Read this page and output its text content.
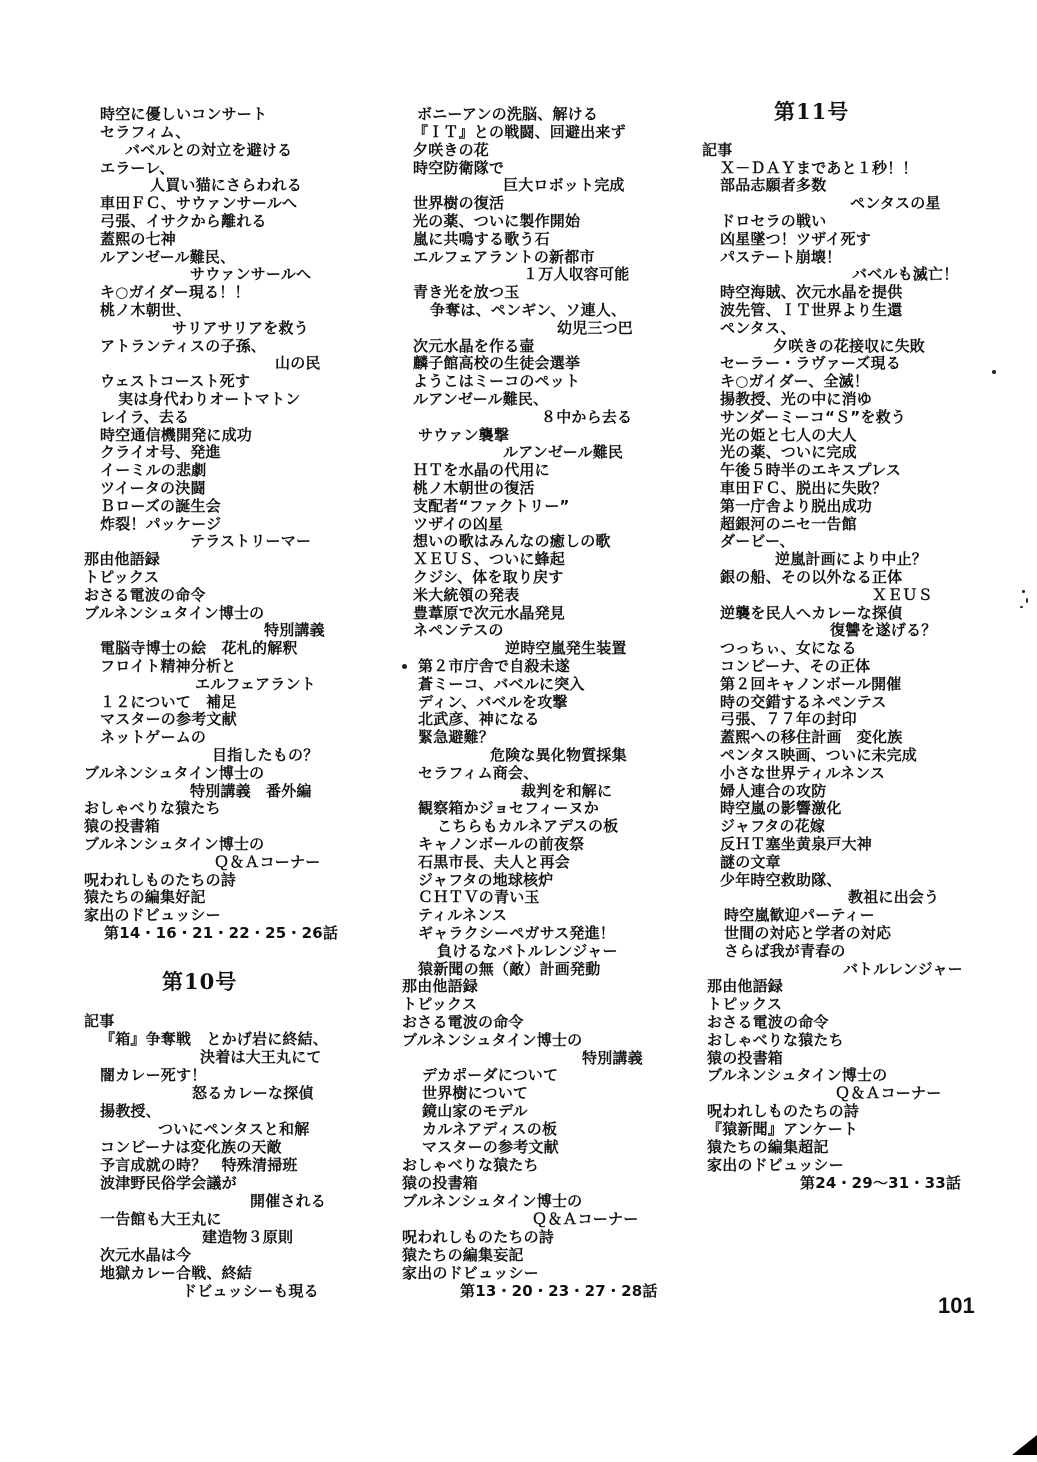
時空に優しいコンサート
セラフィム、
バベルとの対立を避ける
エラーレ、
人買い猫にさらわれる
車田ＦＣ、サウァンサールへ
弓張、イサクから離れる
蓋熙の七神
ルアンゼール難民、
サウァンサールへ
キ○ガイダー現る！！
桃ノ木朝世、
サリアサリアを救う
アトランティスの子孫、
山の民
ウェストコースト死す
実は身代わりオートマトン
レイラ、去る
時空通信機開発に成功
クライオ号、発進
イーミルの悲劇
ツイータの決闘
Ｂローズの誕生会
炸裂！パッケージ
テラストリーマー
那由他語録
トピックス
おさる電波の命令
ブルネンシュタイン博士の
特別講義
電脳寺博士の絵　花札的解釈
フロイト精神分析と
エルフェアラント
１２について　補足
マスターの参考文献
ネットゲームの
目指したもの？
ブルネンシュタイン博士の
特別講義　番外編
おしゃべりな猿たち
猿の投書箱
ブルネンシュタイン博士の
Ｑ＆Ａコーナー
呪われしものたちの詩
猿たちの編集好記
家出のドビュッシー
第14・16・21・22・25・26話
第10号
記事
『箱』争奪戦　とかげ岩に終結、
決着は大王丸にて
闇カレー死す！
怒るカレーな探偵
揚教授、
ついにペンタスと和解
コンビーナは変化族の天敵
予言成就の時？　特殊清掃班
波津野民俗学会議が
開催される
一告館も大王丸に
建造物３原則
次元水晶は今
地獄カレー合戦、終結
ドビュッシーも現る
ボニーアンの洗脳、解ける
『ＩＴ』との戦闘、回避出来ず
夕咲きの花
時空防衛隊で
巨大ロボット完成
世界樹の復活
光の薬、ついに製作開始
嵐に共鳴する歌う石
エルフェアラントの新都市
１万人収容可能
青き光を放つ玉
争奪は、ペンギン、ソ連人、
幼児三つ巴
次元水晶を作る壷
麟子館高校の生徒会選挙
ようこはミーコのペット
ルアンゼール難民、
８中から去る
サウァン襲撃
ルアンゼール難民
ＨＴを水晶の代用に
桃ノ木朝世の復活
支配者“ファクトリー”
ツザイの凶星
想いの歌はみんなの癒しの歌
ＸＥＵＳ、ついに蜂起
クジシ、体を取り戻す
米大統領の発表
豊葦原で次元水晶発見
ネペンテスの
逆時空嵐発生装置
第２市庁舎で自殺未遂
蒼ミーコ、バベルに突入
ディン、バベルを攻撃
北武彦、神になる
緊急避難？
危険な異化物質採集
セラフィム商会、
裁判を和解に
観察箱かジョセフィーヌか
こちらもカルネアデスの板
キャノンボールの前夜祭
石黒市長、夫人と再会
ジャフタの地球核炉
ＣＨＴＶの青い玉
ティルネンス
ギャラクシーペガサス発進！
負けるなバトルレンジャー
猿新聞の無（敵）計画発動
那由他語録
トピックス
おさる電波の命令
ブルネンシュタイン博士の
特別講義
デカポーダについて
世界樹について
鏡山家のモデル
カルネアディスの板
マスターの参考文献
おしゃべりな猿たち
猿の投書箱
ブルネンシュタイン博士の
Ｑ＆Ａコーナー
呪われしものたちの詩
猿たちの編集妄記
家出のドビュッシー
第13・20・23・27・28話
第11号
記事
Ｘ－ＤＡＹまであと１秒！！
部品志願者多数
ペンタスの星
ドロセラの戦い
凶星墜つ！ツザイ死す
パステート崩壊！
バベルも滅亡！
時空海賊、次元水晶を提供
波先管、ＩＴ世界より生還
ペンタス、
夕咲きの花接収に失敗
セーラー・ラヴァーズ現る
キ○ガイダー、全滅！
揚教授、光の中に消ゆ
サンダーミーコ“Ｓ”を救う
光の姫と七人の大人
光の薬、ついに完成
午後５時半のエキスプレス
車田ＦＣ、脱出に失敗？
第一庁舎より脱出成功
超銀河のニセ一告館
ダービー、
逆嵐計画により中止？
銀の船、その以外なる正体
ＸＥＵＳ
逆襲を民人へカレーな探偵
復讐を遂げる？
つっちぃ、女になる
コンビーナ、その正体
第２回キャノンボール開催
時の交錯するネペンテス
弓張、７７年の封印
蓋熙への移住計画　変化族
ペンタス映画、ついに未完成
小さな世界ティルネンス
婦人連合の攻防
時空嵐の影響激化
ジャフタの花嫁
反ＨＴ塞坐黄泉戸大神
謎の文章
少年時空救助隊、
教祖に出会う
時空嵐歓迎パーティー
世間の対応と学者の対応
さらば我が青春の
バトルレンジャー
那由他語録
トピックス
おさる電波の命令
おしゃべりな猿たち
猿の投書箱
ブルネンシュタイン博士の
Ｑ＆Ａコーナー
呪われしものたちの詩
『猿新聞』アンケート
猿たちの編集超記
家出のドビュッシー
第24・29～31・33話
101
